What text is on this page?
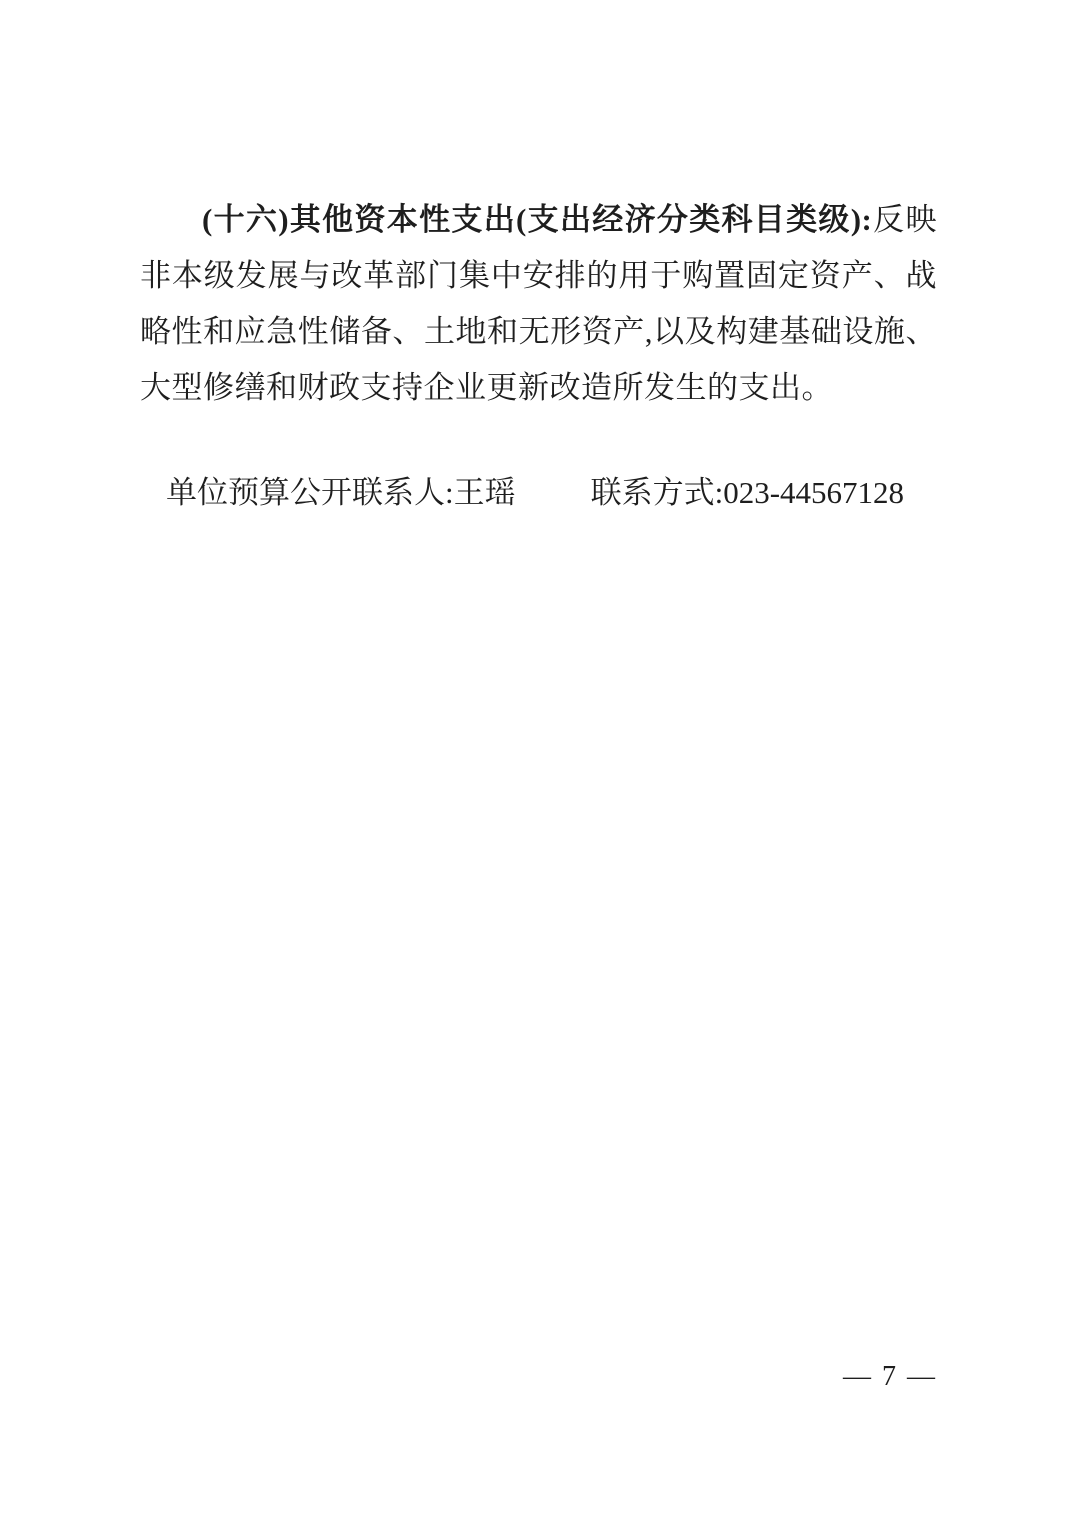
(十六)其他资本性支出(支出经济分类科目类级):反映非本级发展与改革部门集中安排的用于购置固定资产、战略性和应急性储备、土地和无形资产,以及构建基础设施、大型修缮和财政支持企业更新改造所发生的支出。

单位预算公开联系人:王瑶 联系方式:023-44567128

— 7 —
